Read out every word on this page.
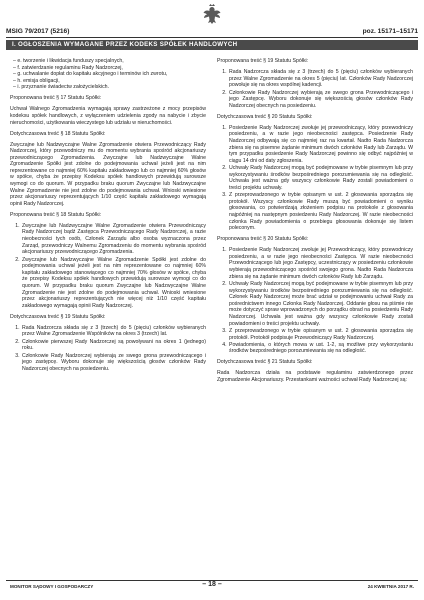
MSIG 79/2017 (5216)	poz. 15171–15171
I. OGŁOSZENIA WYMAGANE PRZEZ KODEKS SPÓŁEK HANDLOWYCH
– e. tworzenie i likwidacja funduszy specjalnych,
– f. zatwierdzanie regulaminu Rady Nadzorczej,
– g. uchwalanie dopłat do kapitału akcyjnego i terminów ich zwrotu,
– h. emisja obligacji,
– i. przyznanie świadectw założycielskich.
Proponowana treść § 17 Statutu Spółki:

Uchwał Walnego Zgromadzenia wymagają sprawy zastrzeżone z mocy przepisów kodeksu spółek handlowych, z wyłączeniem udzielenia zgody na nabycie i zbycie nieruchomości, użytkowania wieczystego lub udziału w nieruchomości.

Dotychczasowa treść § 18 Statutu Spółki:

Zwyczajne lub Nadzwyczajne Walne Zgromadzenie otwiera Przewodniczący Rady Nadzorczej, który przewodniczy mu do momentu wybrania spośród akcjonariuszy przewodniczącego Zgromadzenia. Zwyczajne lub Nadzwyczajne Walne Zgromadzenie Spółki jest zdolne do podejmowania uchwał jeżeli jest na nim reprezentowane co najmniej 60% kapitału zakładowego lub co najmniej 60% głosów w spółce, chyba że przepisy Kodeksu spółek handlowych przewidują surowsze wymogi co do quorum. W przypadku braku quorum Zwyczajne lub Nadzwyczajne Walne Zgromadzenie nie jest zdolne do podejmowania uchwał. Wnioski wniesione przez akcjonariuszy reprezentujących 1/10 część kapitału zakładowego wymagają opinii Rady Nadzorczej.

Proponowana treść § 18 Statutu Spółki:
1. Zwyczajne lub Nadzwyczajne Walne Zgromadzenie otwiera Przewodniczący Rady Nadzorczej bądź Zastępca Przewodniczącego Rady Nadzorczej, a razie nieobecności tych osób, Członek Zarządu albo osoba wyznaczona przez Zarząd, przewodniczy Walnemu Zgromadzeniu do momentu wybrania spośród akcjonariuszy przewodniczącego Zgromadzenia.
2. Zwyczajne lub Nadzwyczajne Walne Zgromadzenie Spółki jest zdolne do podejmowania uchwał jeżeli jest na nim reprezentowane co najmniej 60% kapitału zakładowego stanowiącego co najmniej 70% głosów w spółce, chyba że przepisy Kodeksu spółek handlowych przewidują surowsze wymogi co do quorum. W przypadku braku quorum Zwyczajne lub Nadzwyczajne Walne Zgromadzenie nie jest zdolne do podejmowania uchwał. Wnioski wniesione przez akcjonariuszy reprezentujących nie więcej niż 1/10 część kapitału zakładowego wymagają opinii Rady Nadzorczej.
Dotychczasowa treść § 19 Statutu Spółki:
1. Rada Nadzorcza składa się z 3 (trzech) do 5 (pięciu) członków wybieranych przez Walne Zgromadzenie Wspólników na okres 3 (trzech) lat.
2. Członkowie pierwszej Rady Nadzorczej są powoływani na okres 1 (jednego) roku.
3. Członkowie Rady Nadzorczej wybierają ze swego grona przewodniczącego i jego zastępcę. Wyboru dokonuje się większością głosów członków Rady Nadzorczej obecnych na posiedzeniu.
Proponowana treść § 19 Statutu Spółki:
1. Rada Nadzorcza składa się z 3 (trzech) do 5 (pięciu) członków wybieranych przez Walne Zgromadzenie na okres 5 (pięciu) lat. Członków Rady Nadzorczej powołuje się na okres wspólnej kadencji.
2. Członkowie Rady Nadzorczej wybierają ze swego grona Przewodniczącego i jego Zastępcę. Wyboru dokonuje się większością głosów członków Rady Nadzorczej obecnych na posiedzeniu.
Dotychczasowa treść § 20 Statutu Spółki:
1. Posiedzenie Rady Nadzorczej zwołuje jej przewodniczący, który przewodniczy posiedzeniu, a w razie jego nieobecności zastępca. Posiedzenie Rady Nadzorczej odbywają się co najmniej raz na kwartał. Nadto Rada Nadzorcza zbiera się na pisemne żądanie minimum dwóch członków Rady lub Zarządu. W tym przypadku posiedzenie Rady Nadzorczej powinno się odbyć najpóźniej w ciągu 14 dni od daty zgłoszenia.
2. Uchwały Rady Nadzorczej mogą być podejmowane w trybie pisemnym lub przy wykorzystywaniu środków bezpośredniego porozumiewania się na odległość. Uchwała jest ważna gdy wszyscy członkowie Rady zostali powiadomieni o treści projektu uchwały.
3. Z przeprowadzonego w trybie opisanym w ust. 2 głosowania sporządza się protokół. Wszyscy członkowie Rady muszą być powiadomieni o wyniku głosowania, co potwierdzają złożeniem podpisu na protokole z głosowania najpóźniej na następnym posiedzeniu Rady Nadzorczej. W razie nieobecności członka Rady powiadomienia o przebiegu głosowania dokonuje się listem poleconym.
Proponowana treść § 20 Statutu Spółki:
1. Posiedzenie Rady Nadzorczej zwołuje jej Przewodniczący, który przewodniczy posiedzeniu, a w razie jego nieobecności Zastępca. W razie nieobecności Przewodniczącego lub jego Zastępcy, uczestniczący w posiedzeniu członkowie wybierają przewodniczącego spośród swojego grona. Nadto Rada Nadzorcza zbiera się na żądanie minimum dwóch członków Rady lub Zarządu.
2. Uchwały Rady Nadzorczej mogą być podejmowane w trybie pisemnym lub przy wykorzystywaniu środków bezpośredniego porozumiewania się na odległość. Członek Rady Nadzorczej może brać udział w podejmowaniu uchwał Rady za pośrednictwem innego Członka Rady Nadzorczej. Oddanie głosu na piśmie nie może dotyczyć spraw wprowadzonych do porządku obrad na posiedzeniu Rady Nadzorczej. Uchwała jest ważna gdy wszyscy członkowie Rady zostali powiadomieni o treści projektu uchwały.
3. Z przeprowadzonego w trybie opisanym w ust. 2 głosowania sporządza się protokół. Protokół podpisuje Przewodniczący Rady Nadzorczej.
4. Powiadomienia, o których mowa w ust. 1-2, są możliwe przy wykorzystaniu środków bezpośredniego porozumiewania się na odległość.
Dotychczasowa treść § 21 Statutu Spółki:

Rada Nadzorcza działa na podstawie regulaminu zatwierdzonego przez Zgromadzenie Akcjonariuszy. Przestankami ważności uchwał Rady Nadzorczej są:

MONITOR SĄDOWY I GOSPODARCZY	– 18 –	24 KWIETNIA 2017 R.
